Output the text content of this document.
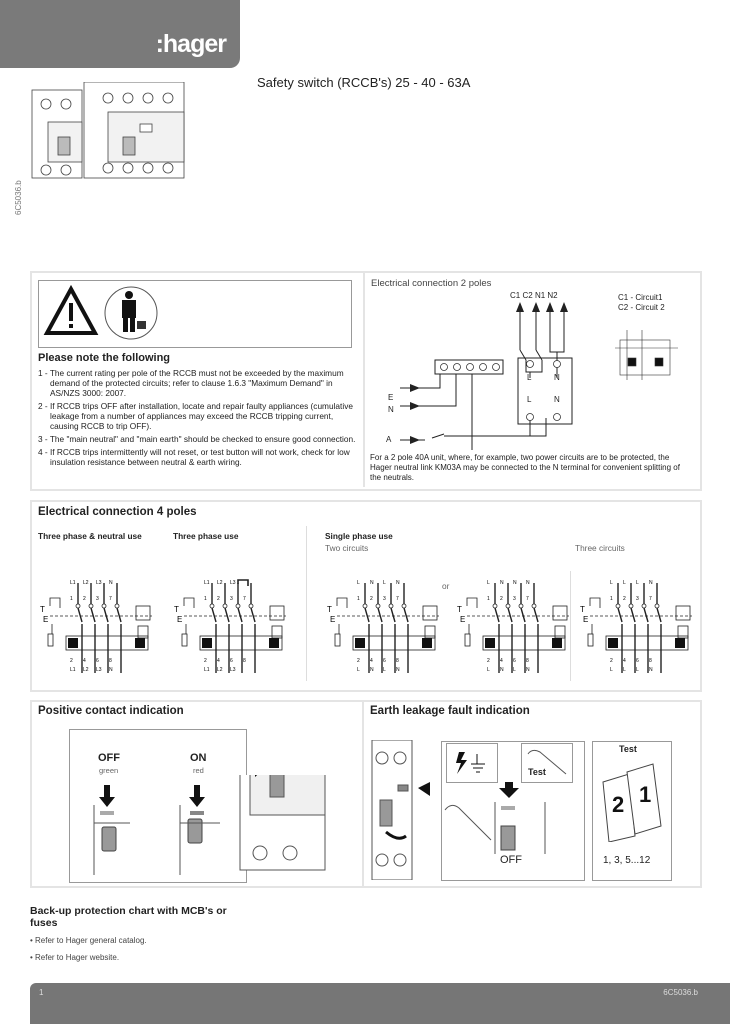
:hager
Safety switch (RCCB's) 25 - 40 - 63A
6C5036.b
Please note the following
1 - The current rating per pole of the RCCB must not be exceeded by the maximum demand of the protected circuits; refer to clause 1.6.3 "Maximum Demand" in AS/NZS 3000: 2007.
2 - If RCCB trips OFF after installation, locate and repair faulty appliances (cumulative leakage from a number of appliances may exceed the RCCB tripping current, causing RCCB to trip OFF).
3 - The "main neutral" and "main earth" should be checked to ensure good connection.
4 - If RCCB trips intermittently will not reset, or test button will not work, check for low insulation resistance between neutral & earth wiring.
Electrical connection 2 poles
C1 C2 N1 N2	C1 - Circuit1
C2 - Circuit 2
E
N
A
L	N
L	N
For a 2 pole 40A unit, where, for example, two power circuits are to be protected, the Hager neutral link KM03A may be connected to the N terminal for convenient splitting of the neutrals.
Electrical connection 4 poles
Three phase & neutral use	Three phase use	Single phase use
Two circuits	Three circuits
or
T
E
L1
1
2
L1
L2
2
4
L2
L3
3
6
L3
N
7
8
N
T
E
L1
1
2
L1
L2
2
4
L2
L3
3
6
L3
7
8
T
E
L
1
2
L
N
2
4
N
L
3
6
L
N
7
8
N
T
E
L
1
2
L
N
2
4
N
N
3
6
L
N
7
8
N
T
E
L
1
2
L
L
2
4
L
L
3
6
L
N
7
8
N
Positive contact indication
OFF
green
ON
red
Earth leakage fault indication
Test
OFF
Test
2 1
1, 3, 5...12
Back-up protection chart with MCB's or fuses
• Refer to Hager general catalog.
• Refer to Hager website.
1	6C5036.b
